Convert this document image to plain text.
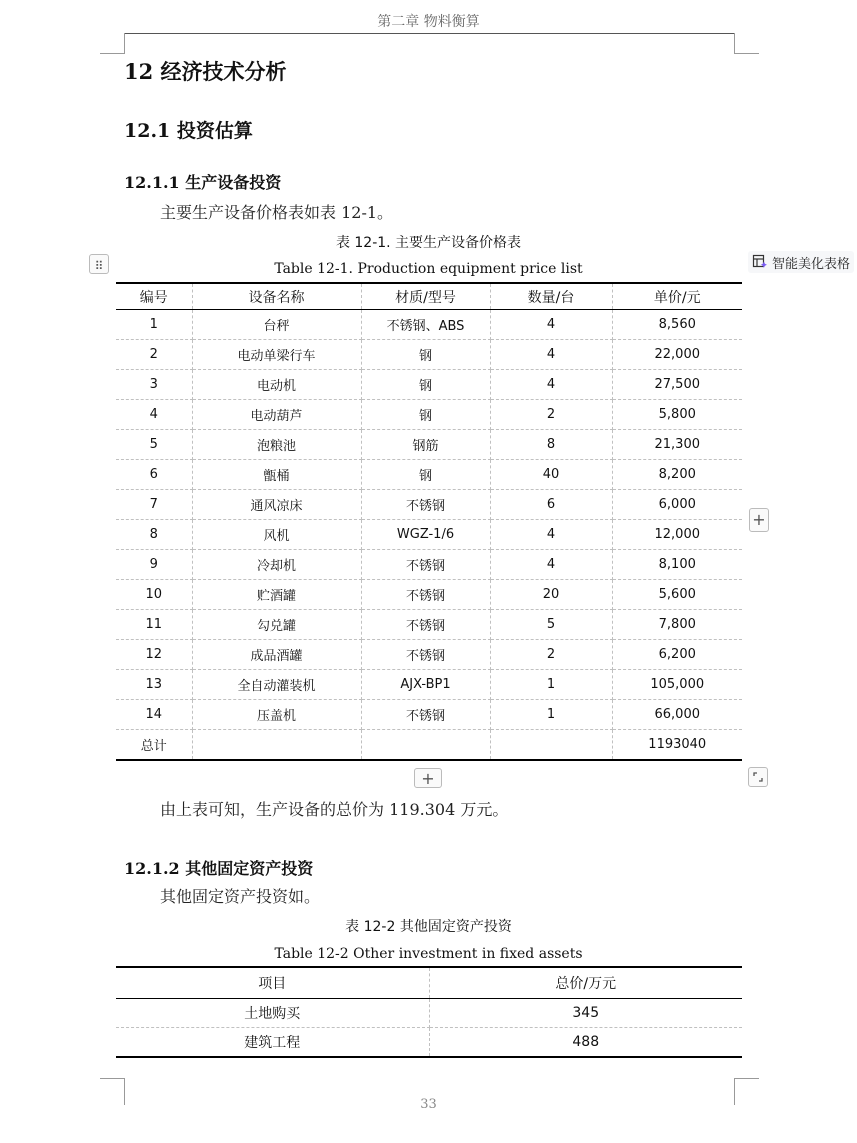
第二章 物料衡算
12 经济技术分析
12.1 投资估算
12.1.1 生产设备投资
主要生产设备价格表如表 12-1。
表 12-1. 主要生产设备价格表
Table 12-1. Production equipment price list
⠿	智能美化表格
+
编号	设备名称	材质/型号	数量/台	单价/元
1	台秤	不锈钢、ABS	4	8,560
2	电动单梁行车	钢	4	22,000
3	电动机	钢	4	27,500
4	电动葫芦	钢	2	5,800
5	泡粮池	钢筋	8	21,300
6	甑桶	钢	40	8,200
7	通风凉床	不锈钢	6	6,000
8	风机	WGZ-1/6	4	12,000
9	冷却机	不锈钢	4	8,100
10	贮酒罐	不锈钢	20	5,600
11	勾兑罐	不锈钢	5	7,800
12	成品酒罐	不锈钢	2	6,200
13	全自动灌装机	AJX-BP1	1	105,000
14	压盖机	不锈钢	1	66,000
总计				1193040
+
由上表可知，生产设备的总价为 119.304 万元。
12.1.2 其他固定资产投资
其他固定资产投资如。
表 12-2 其他固定资产投资
Table 12-2 Other investment in fixed assets
项目	总价/万元
土地购买	345
建筑工程	488
33
